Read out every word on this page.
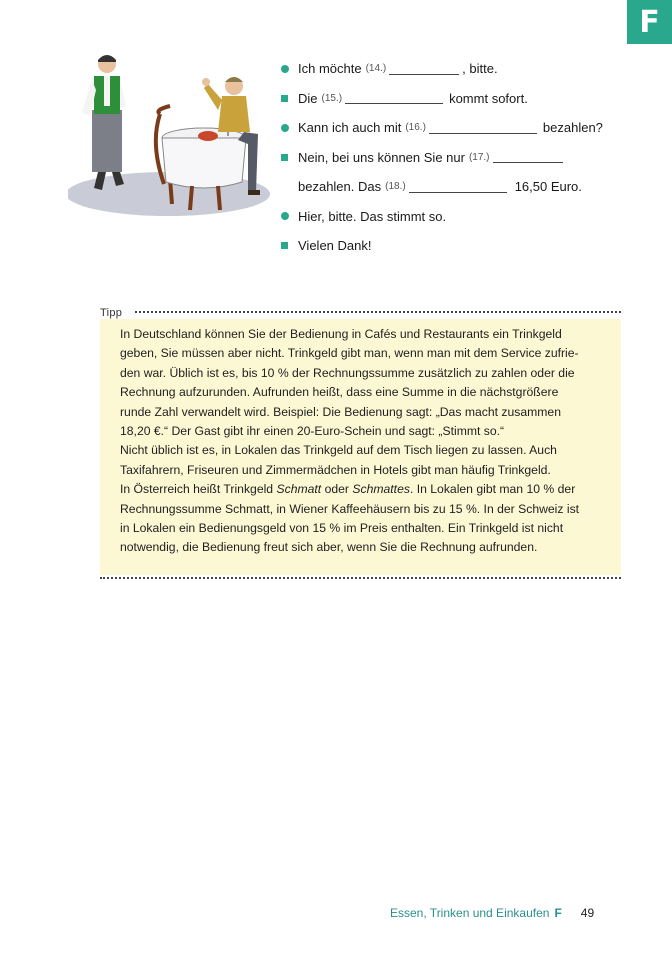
F
Ich möchte (14.)	, bitte.
Die (15.)	kommt sofort.
Kann ich auch mit (16.)	bezahlen?
Nein, bei uns können Sie nur (17.)
bezahlen. Das (18.)	16,50 Euro.
Hier, bitte. Das stimmt so.
Vielen Dank!
Tipp

In Deutschland können Sie der Bedienung in Cafés und Restaurants ein Trinkgeld

geben, Sie müssen aber nicht. Trinkgeld gibt man, wenn man mit dem Service zufrie-

den war. Üblich ist es, bis 10 % der Rechnungssumme zusätzlich zu zahlen oder die

Rechnung aufzurunden. Aufrunden heißt, dass eine Summe in die nächstgrößere

runde Zahl verwandelt wird. Beispiel: Die Bedienung sagt: „Das macht zusammen

18,20 €.“ Der Gast gibt ihr einen 20-Euro-Schein und sagt: „Stimmt so.“

Nicht üblich ist es, in Lokalen das Trinkgeld auf dem Tisch liegen zu lassen. Auch

Taxifahrern, Friseuren und Zimmermädchen in Hotels gibt man häufig Trinkgeld.

In Österreich heißt Trinkgeld Schmatt oder Schmattes. In Lokalen gibt man 10 % der

Rechnungssumme Schmatt, in Wiener Kaffeehäusern bis zu 15 %. In der Schweiz ist

in Lokalen ein Bedienungsgeld von 15 % im Preis enthalten. Ein Trinkgeld ist nicht

notwendig, die Bedienung freut sich aber, wenn Sie die Rechnung aufrunden.

Essen, Trinken und Einkaufen F 49
